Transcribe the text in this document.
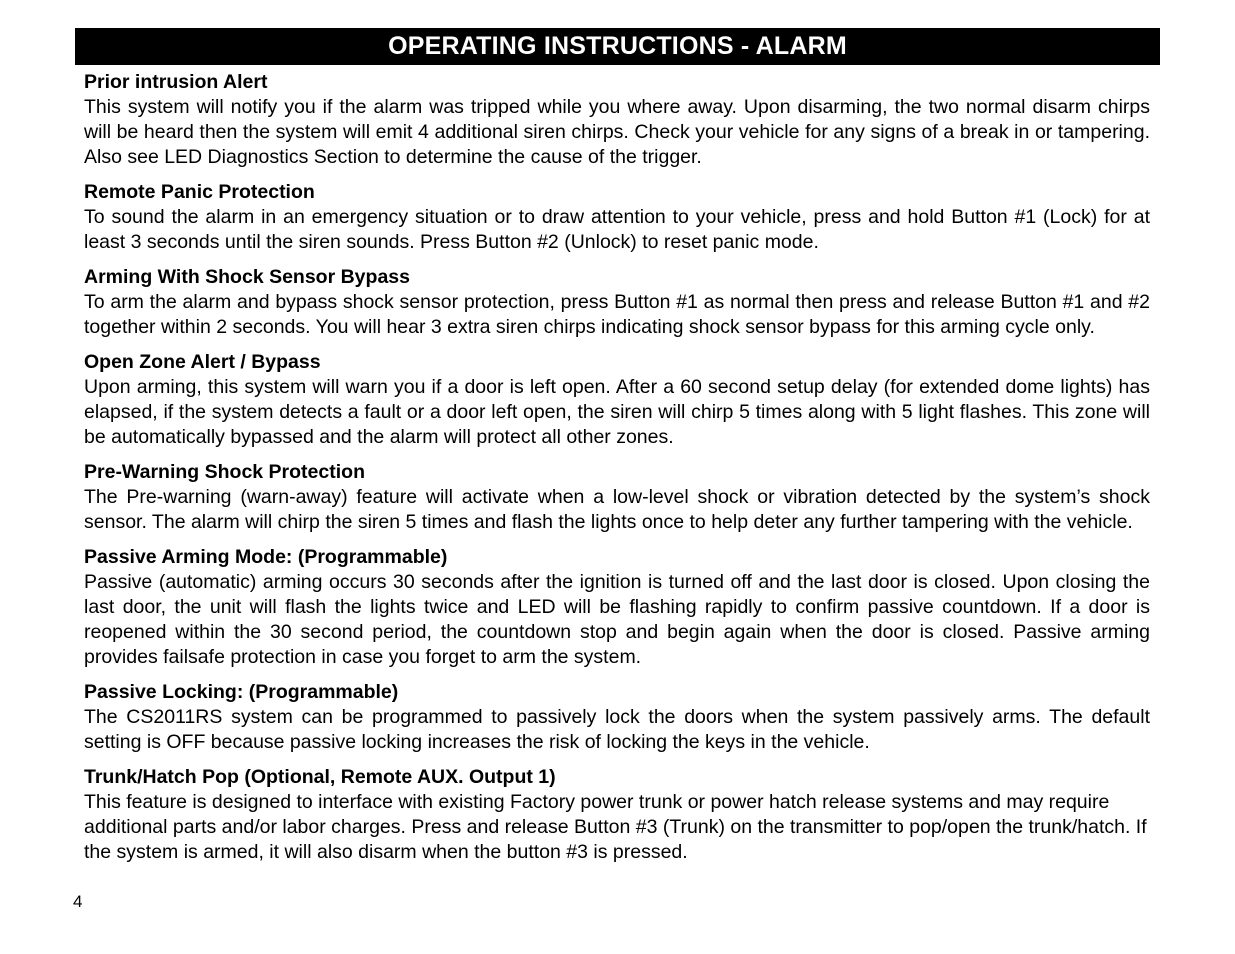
OPERATING INSTRUCTIONS - ALARM
Prior intrusion Alert

This system will notify you if the alarm was tripped while you where away. Upon disarming, the two normal disarm chirps will be heard then the system will emit 4 additional siren chirps. Check your vehicle for any signs of a break in or tampering. Also see LED Diagnostics Section to determine the cause of the trigger.

Remote Panic Protection

To sound the alarm in an emergency situation or to draw attention to your vehicle, press and hold Button #1 (Lock) for at least 3 seconds until the siren sounds. Press Button #2 (Unlock) to reset panic mode.

Arming With Shock Sensor Bypass

To arm the alarm and bypass shock sensor protection, press Button #1 as normal then press and release Button #1 and #2 together within 2 seconds. You will hear 3 extra siren chirps indicating shock sensor bypass for this arming cycle only.

Open Zone Alert / Bypass

Upon arming, this system will warn you if a door is left open. After a 60 second setup delay (for extended dome lights) has elapsed, if the system detects a fault or a door left open, the siren will chirp 5 times along with 5 light flashes. This zone will be automatically bypassed and the alarm will protect all other zones.

Pre-Warning Shock Protection

The Pre-warning (warn-away) feature will activate when a low-level shock or vibration detected by the system’s shock sensor. The alarm will chirp the siren 5 times and flash the lights once to help deter any further tampering with the vehicle.

Passive Arming Mode: (Programmable)

Passive (automatic) arming occurs 30 seconds after the ignition is turned off and the last door is closed. Upon closing the last door, the unit will flash the lights twice and LED will be flashing rapidly to confirm passive countdown. If a door is reopened within the 30 second period, the countdown stop and begin again when the door is closed. Passive arming provides failsafe protection in case you forget to arm the system.

Passive Locking: (Programmable)

The CS2011RS system can be programmed to passively lock the doors when the system passively arms. The default setting is OFF because passive locking increases the risk of locking the keys in the vehicle.

Trunk/Hatch Pop (Optional, Remote AUX. Output 1)

This feature is designed to interface with existing Factory power trunk or power hatch release systems and may require additional parts and/or labor charges. Press and release Button #3 (Trunk) on the transmitter to pop/open the trunk/hatch. If the system is armed, it will also disarm when the button #3 is pressed.

4
